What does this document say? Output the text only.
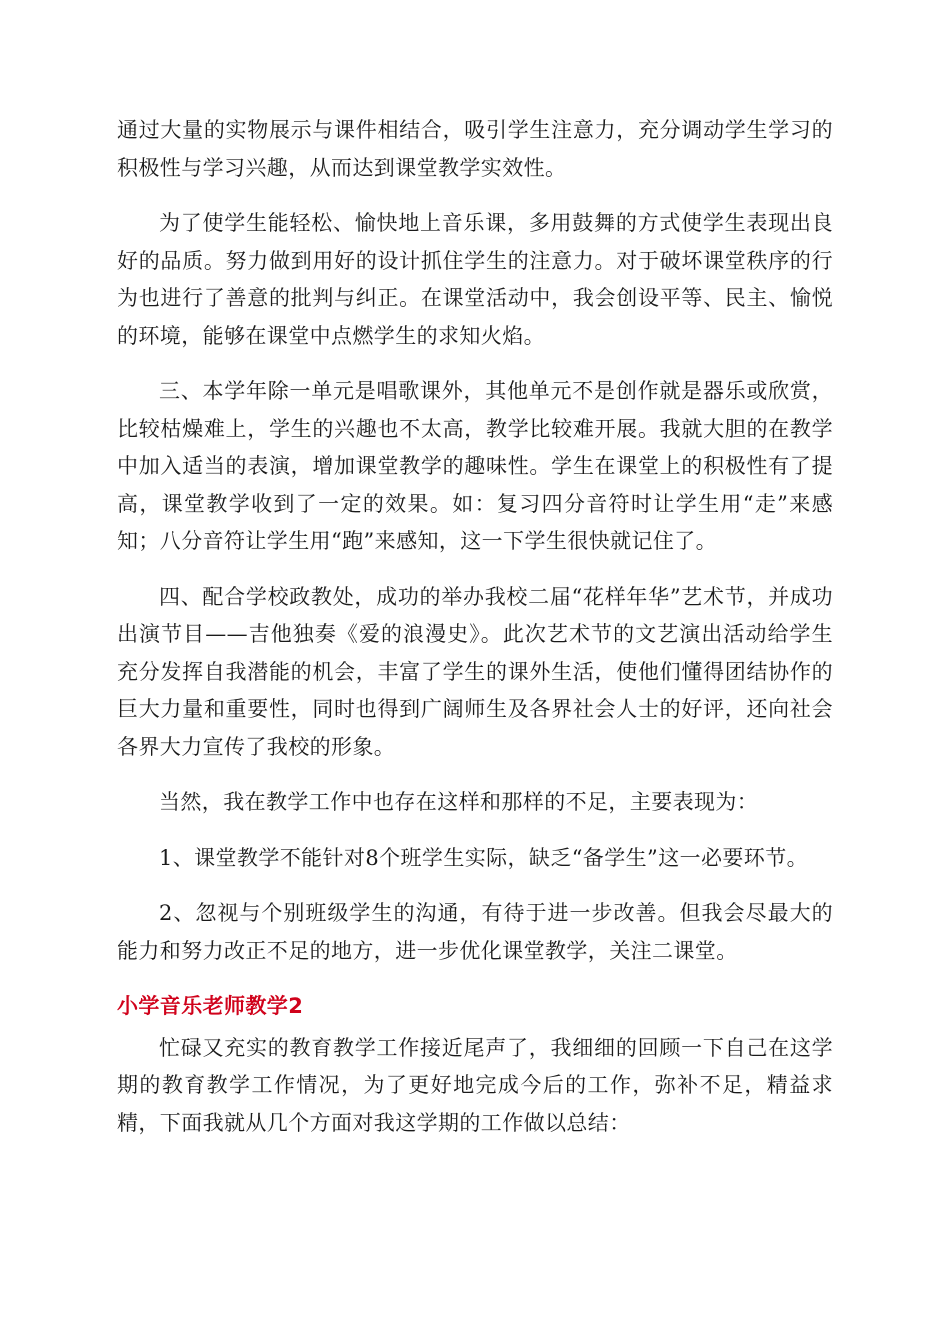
通过大量的实物展示与课件相结合，吸引学生注意力，充分调动学生学习的积极性与学习兴趣，从而达到课堂教学实效性。

为了使学生能轻松、愉快地上音乐课，多用鼓舞的方式使学生表现出良好的品质。努力做到用好的设计抓住学生的注意力。对于破坏课堂秩序的行为也进行了善意的批判与纠正。在课堂活动中，我会创设平等、民主、愉悦的环境，能够在课堂中点燃学生的求知火焰。

三、本学年除一单元是唱歌课外，其他单元不是创作就是器乐或欣赏，比较枯燥难上，学生的兴趣也不太高，教学比较难开展。我就大胆的在教学中加入适当的表演，增加课堂教学的趣味性。学生在课堂上的积极性有了提高，课堂教学收到了一定的效果。如：复习四分音符时让学生用“走”来感知；八分音符让学生用“跑”来感知，这一下学生很快就记住了。

四、配合学校政教处，成功的举办我校二届“花样年华”艺术节，并成功出演节目——吉他独奏《爱的浪漫史》。此次艺术节的文艺演出活动给学生充分发挥自我潜能的机会，丰富了学生的课外生活，使他们懂得团结协作的巨大力量和重要性，同时也得到广阔师生及各界社会人士的好评，还向社会各界大力宣传了我校的形象。

当然，我在教学工作中也存在这样和那样的不足，主要表现为：

1、课堂教学不能针对8个班学生实际，缺乏“备学生”这一必要环节。

2、忽视与个别班级学生的沟通，有待于进一步改善。但我会尽最大的能力和努力改正不足的地方，进一步优化课堂教学，关注二课堂。

小学音乐老师教学2

忙碌又充实的教育教学工作接近尾声了，我细细的回顾一下自己在这学期的教育教学工作情况，为了更好地完成今后的工作，弥补不足，精益求精，下面我就从几个方面对我这学期的工作做以总结：
